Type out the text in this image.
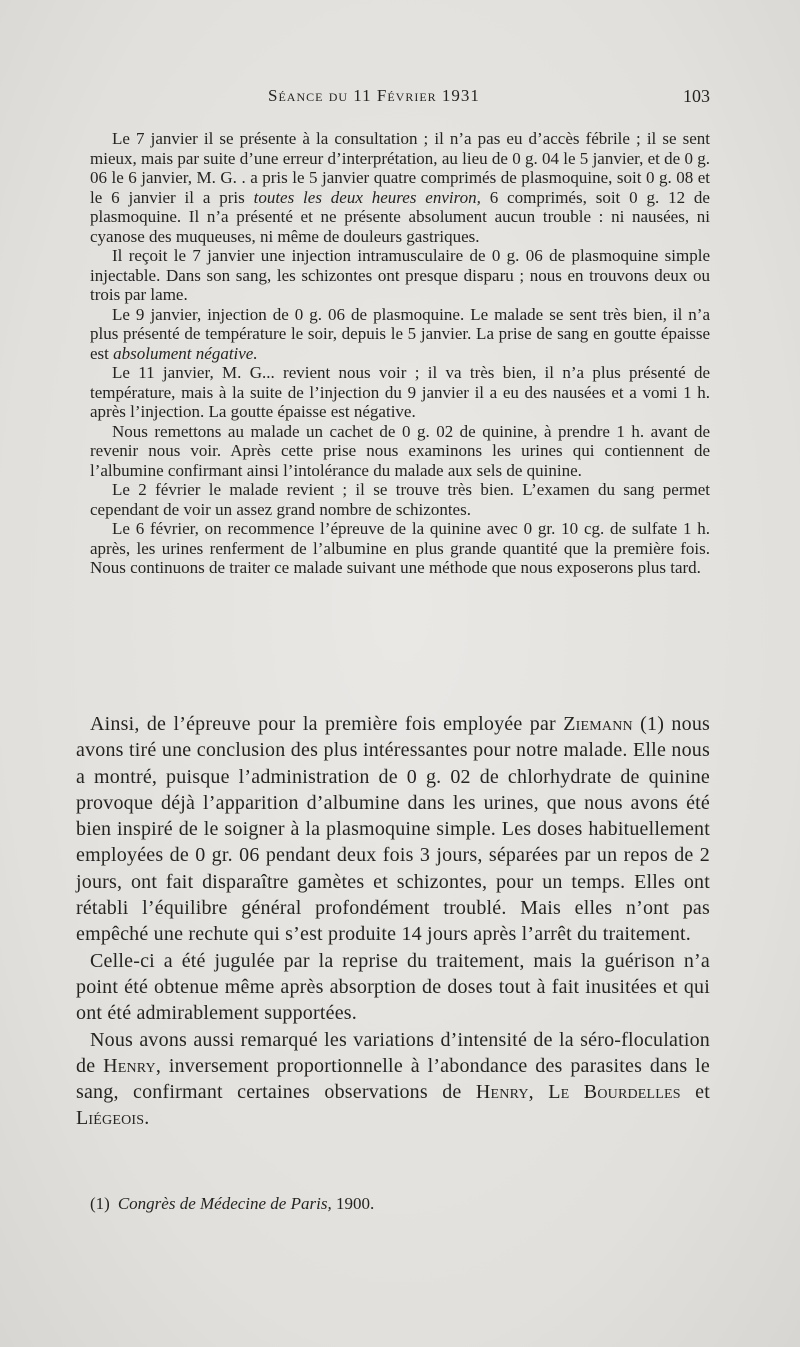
Séance du 11 Février 1931	103

Le 7 janvier il se présente à la consultation ; il n’a pas eu d’accès fébrile ; il se sent mieux, mais par suite d’une erreur d’interprétation, au lieu de 0 g. 04 le 5 janvier, et de 0 g. 06 le 6 janvier, M. G. . a pris le 5 janvier quatre comprimés de plasmoquine, soit 0 g. 08 et le 6 janvier il a pris toutes les deux heures environ, 6 comprimés, soit 0 g. 12 de plasmoquine. Il n’a présenté et ne présente absolument aucun trouble : ni nausées, ni cyanose des muqueuses, ni même de douleurs gastriques.

Il reçoit le 7 janvier une injection intramusculaire de 0 g. 06 de plasmoquine simple injectable. Dans son sang, les schizontes ont presque disparu ; nous en trouvons deux ou trois par lame.

Le 9 janvier, injection de 0 g. 06 de plasmoquine. Le malade se sent très bien, il n’a plus présenté de température le soir, depuis le 5 janvier. La prise de sang en goutte épaisse est absolument négative.

Le 11 janvier, M. G... revient nous voir ; il va très bien, il n’a plus présenté de température, mais à la suite de l’injection du 9 janvier il a eu des nausées et a vomi 1 h. après l’injection. La goutte épaisse est négative.

Nous remettons au malade un cachet de 0 g. 02 de quinine, à prendre 1 h. avant de revenir nous voir. Après cette prise nous examinons les urines qui contiennent de l’albumine confirmant ainsi l’intolérance du malade aux sels de quinine.

Le 2 février le malade revient ; il se trouve très bien. L’examen du sang permet cependant de voir un assez grand nombre de schizontes.

Le 6 février, on recommence l’épreuve de la quinine avec 0 gr. 10 cg. de sulfate 1 h. après, les urines renferment de l’albumine en plus grande quantité que la première fois. Nous continuons de traiter ce malade suivant une méthode que nous exposerons plus tard.

Ainsi, de l’épreuve pour la première fois employée par Ziemann (1) nous avons tiré une conclusion des plus intéressantes pour notre malade. Elle nous a montré, puisque l’administration de 0 g. 02 de chlorhydrate de quinine provoque déjà l’apparition d’albumine dans les urines, que nous avons été bien inspiré de le soigner à la plasmoquine simple. Les doses habituellement employées de 0 gr. 06 pendant deux fois 3 jours, séparées par un repos de 2 jours, ont fait disparaître gamètes et schizontes, pour un temps. Elles ont rétabli l’équilibre général profondément troublé. Mais elles n’ont pas empêché une rechute qui s’est produite 14 jours après l’arrêt du traitement.

Celle-ci a été jugulée par la reprise du traitement, mais la guérison n’a point été obtenue même après absorption de doses tout à fait inusitées et qui ont été admirablement supportées.

Nous avons aussi remarqué les variations d’intensité de la séro-floculation de Henry, inversement proportionnelle à l’abondance des parasites dans le sang, confirmant certaines observations de Henry, Le Bourdelles et Liégeois.

(1) Congrès de Médecine de Paris, 1900.
